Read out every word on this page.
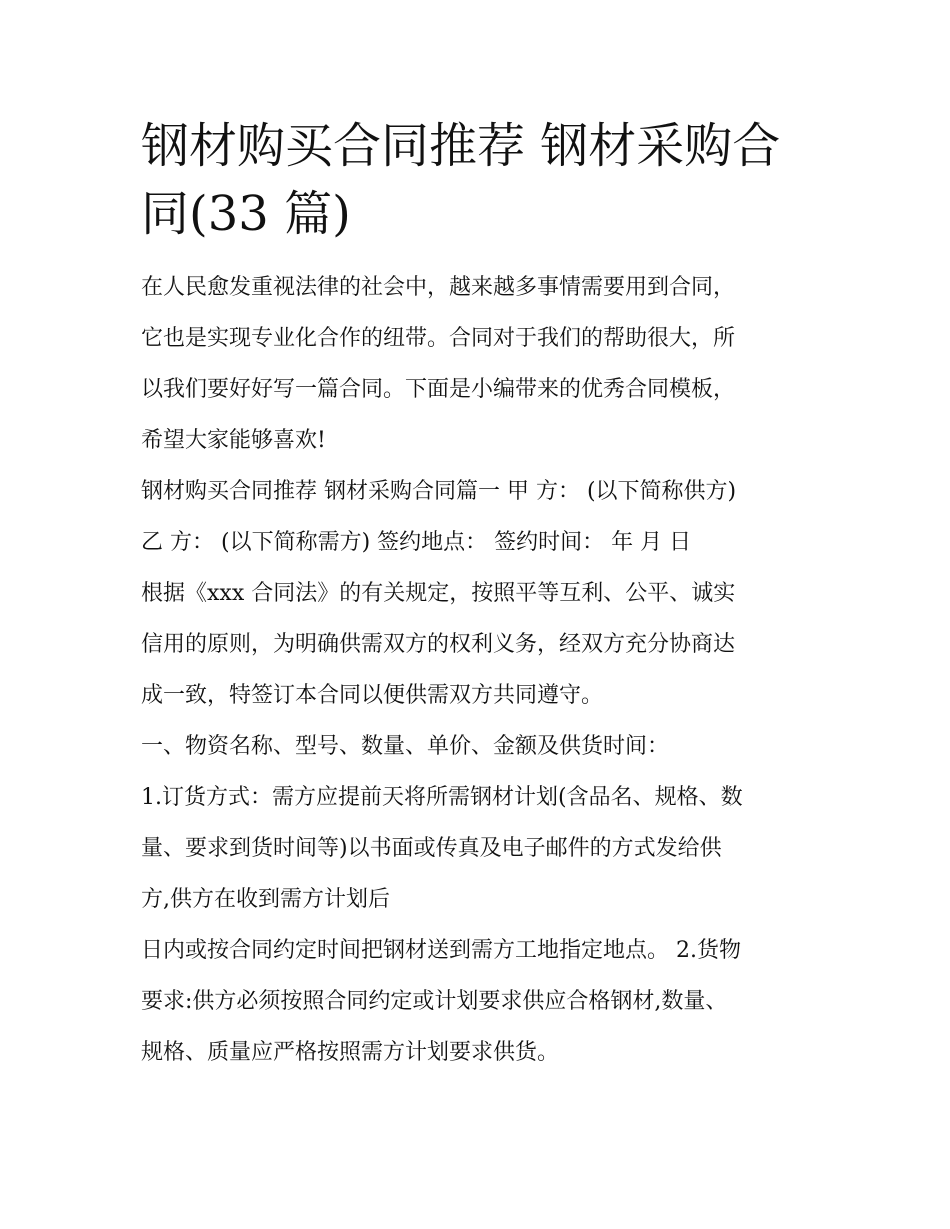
钢材购买合同推荐 钢材采购合
同(33 篇)
在人民愈发重视法律的社会中，越来越多事情需要用到合同，
它也是实现专业化合作的纽带。合同对于我们的帮助很大，所
以我们要好好写一篇合同。下面是小编带来的优秀合同模板，
希望大家能够喜欢!
钢材购买合同推荐 钢材采购合同篇一 甲 方： (以下简称供方)
乙 方： (以下简称需方) 签约地点： 签约时间： 年 月 日
根据《xxx 合同法》的有关规定，按照平等互利、公平、诚实
信用的原则，为明确供需双方的权利义务，经双方充分协商达
成一致，特签订本合同以便供需双方共同遵守。
一、物资名称、型号、数量、单价、金额及供货时间：
1.订货方式：需方应提前天将所需钢材计划(含品名、规格、数
量、要求到货时间等)以书面或传真及电子邮件的方式发给供
方,供方在收到需方计划后
日内或按合同约定时间把钢材送到需方工地指定地点。 2.货物
要求:供方必须按照合同约定或计划要求供应合格钢材,数量、
规格、质量应严格按照需方计划要求供货。
